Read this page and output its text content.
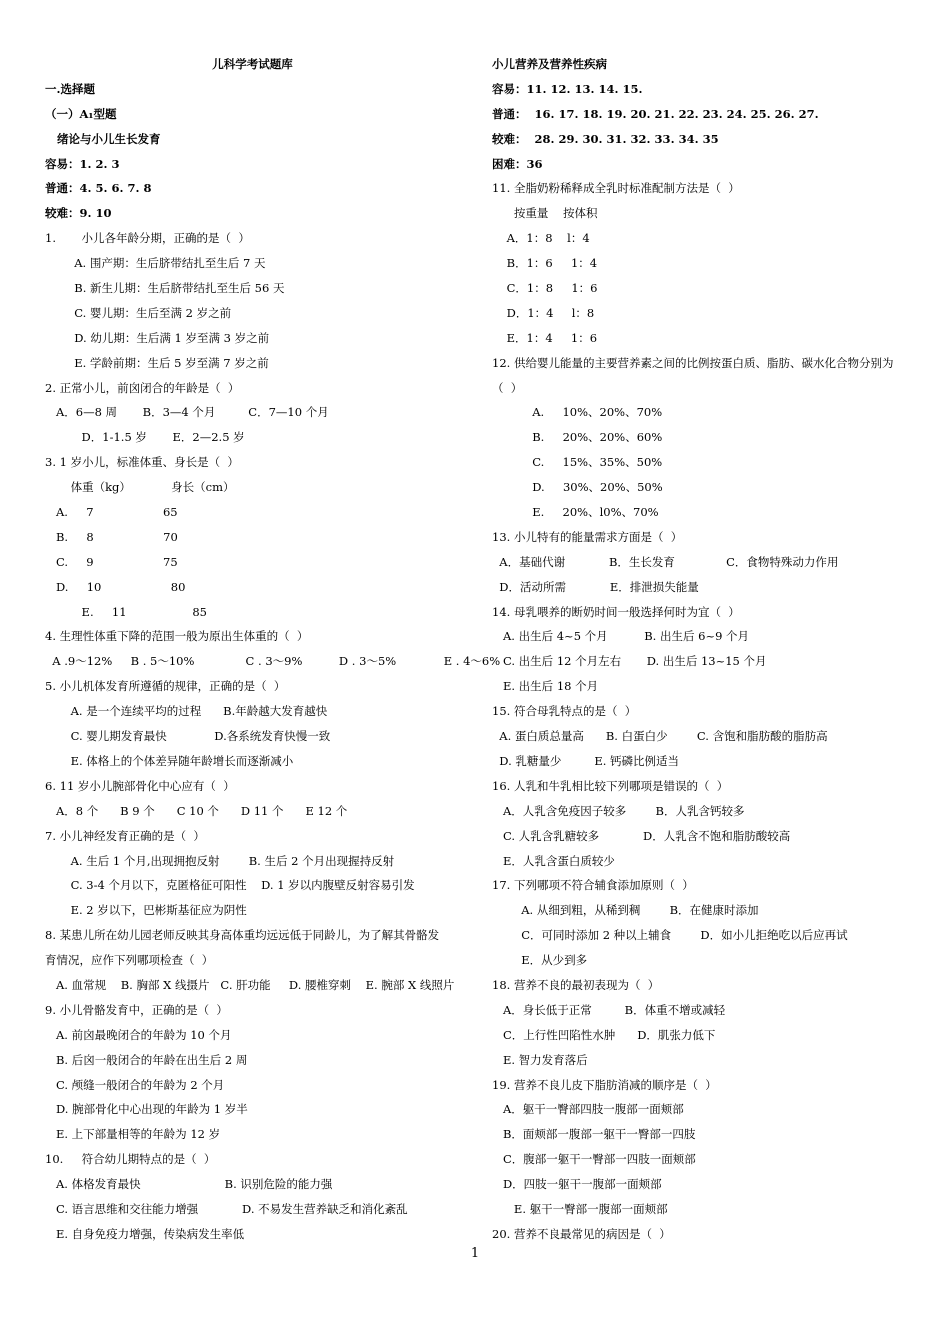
儿科学考试题库
一.选择题
（一）A₁型题
绪论与小儿生长发育
容易：1. 2. 3
普通：4. 5. 6. 7. 8
较难：9. 10
1.       小儿各年龄分期，正确的是（  ）
A. 围产期：生后脐带结扎至生后 7 天
B. 新生儿期：生后脐带结扎至生后 56 天
C. 婴儿期：生后至满 2 岁之前
D. 幼儿期：生后满 1 岁至满 3 岁之前
E. 学龄前期：生后 5 岁至满 7 岁之前
2. 正常小儿，前囟闭合的年龄是（  ）
A．6—8 周       B．3—4 个月         C．7—10 个月
D．1-1.5 岁       E．2—2.5 岁
3. 1 岁小儿，标准体重、身长是（  ）
体重（kg）           身长（cm）
A.     7                   65
B.     8                   70
C.     9                   75
D.     10                   80
E.     11                  85
4. 生理性体重下降的范围一般为原出生体重的（  ）
A .9～12%     B . 5～10%              C . 3～9%          D . 3～5%             E . 4～6%
5. 小儿机体发育所遵循的规律，正确的是（  ）
A. 是一个连续平均的过程      B.年龄越大发育越快
C. 婴儿期发育最快             D.各系统发育快慢一致
E. 体格上的个体差异随年龄增长而逐渐减小
6. 11 岁小儿腕部骨化中心应有（  ）
A．8 个      B 9 个      C 10 个      D 11 个      E 12 个
7. 小儿神经发育正确的是（  ）
A. 生后 1 个月,出现拥抱反射        B. 生后 2 个月出现握持反射
C. 3-4 个月以下，克匿格征可阳性    D. 1 岁以内腹壁反射容易引发
E. 2 岁以下，巴彬斯基征应为阴性
8. 某患儿所在幼儿园老师反映其身高体重均远远低于同龄儿，为了解其骨骼发
育情况，应作下列哪项检查（  ）
A. 血常规    B. 胸部 X 线摄片   C. 肝功能     D. 腰椎穿刺    E. 腕部 X 线照片
9. 小儿骨骼发育中，正确的是（  ）
A. 前囟最晚闭合的年龄为 10 个月
B. 后囟一般闭合的年龄在出生后 2 周
C. 颅缝一般闭合的年龄为 2 个月
D. 腕部骨化中心出现的年龄为 1 岁半
E. 上下部量相等的年龄为 12 岁
10.     符合幼儿期特点的是（  ）
A. 体格发育最快                       B. 识别危险的能力强
C. 语言思维和交往能力增强            D. 不易发生营养缺乏和消化紊乱
E. 自身免疫力增强，传染病发生率低
小儿营养及营养性疾病
容易：11. 12. 13. 14. 15.
普通：  16. 17. 18. 19. 20. 21. 22. 23. 24. 25. 26. 27.
较难：  28. 29. 30. 31. 32. 33. 34. 35
困难：36
11. 全脂奶粉稀释成全乳时标准配制方法是（  ）
按重量    按体积
A．1：8    l：4
B．1：6     1：4
C．1：8     1：6
D．1：4     l：8
E．1：4     1：6
12. 供给婴儿能量的主要营养素之间的比例按蛋白质、脂肪、碳水化合物分别为
（  ）
A.     10%、20%、70%
B.     20%、20%、60%
C.     15%、35%、50%
D.     30%、20%、50%
E.     20%、l0%、70%
13. 小儿特有的能量需求方面是（  ）
A．基础代谢            B．生长发育              C．食物特殊动力作用
D．活动所需            E．排泄损失能量
14. 母乳喂养的断奶时间一般选择何时为宜（  ）
A. 出生后 4~5 个月          B. 出生后 6~9 个月
C. 出生后 12 个月左右       D. 出生后 13~15 个月
E. 出生后 18 个月
15. 符合母乳特点的是（  ）
A. 蛋白质总量高      B. 白蛋白少        C. 含饱和脂肪酸的脂肪高
D. 乳糖量少         E. 钙磷比例适当
16. 人乳和牛乳相比较下列哪项是错误的（  ）
A．人乳含免疫因子较多        B．人乳含钙较多
C. 人乳含乳糖较多            D．人乳含不饱和脂肪酸较高
E．人乳含蛋白质较少
17. 下列哪项不符合辅食添加原则（  ）
A. 从细到粗，从稀到稠        B．在健康时添加
C．可同时添加 2 种以上辅食        D．如小儿拒绝吃以后应再试
E．从少到多
18. 营养不良的最初表现为（  ）
A．身长低于正常         B．体重不增或减轻
C．上行性凹陷性水肿      D．肌张力低下
E. 智力发育落后
19. 营养不良儿皮下脂肪消减的顺序是（  ）
A．躯干一臀部四肢一腹部一面颊部
B．面颊部一腹部一躯干一臀部一四肢
C．腹部一躯干一臀部一四肢一面颊部
D．四肢一躯干一腹部一面颊部
E. 躯干一臀部一腹部一面颊部
20. 营养不良最常见的病因是（  ）
1
